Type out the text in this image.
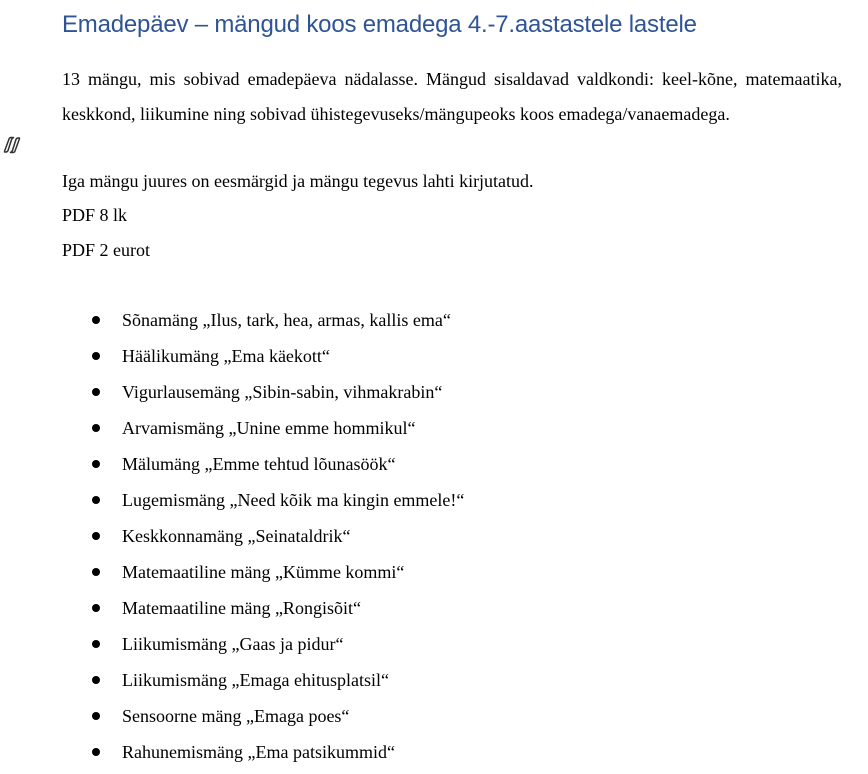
Emadepäev – mängud koos emadega 4.-7.aastastele lastele

13 mängu, mis sobivad emadepäeva nädalasse. Mängud sisaldavad valdkondi: keel-kõne, matemaatika, keskkond, liikumine ning sobivad ühistegevuseks/mängupeoks koos emadega/vanaemadega.

Iga mängu juures on eesmärgid ja mängu tegevus lahti kirjutatud.

PDF 8 lk

PDF 2 eurot

Sõnamäng „Ilus, tark, hea, armas, kallis ema“
Häälikumäng „Ema käekott“
Vigurlausemäng „Sibin-sabin, vihmakrabin“
Arvamismäng „Unine emme hommikul“
Mälumäng „Emme tehtud lõunasöök“
Lugemismäng „Need kõik ma kingin emmele!“
Keskkonnamäng „Seinataldrik“
Matemaatiline mäng „Kümme kommi“
Matemaatiline mäng „Rongisõit“
Liikumismäng „Gaas ja pidur“
Liikumismäng „Emaga ehitusplatsil“
Sensoorne mäng „Emaga poes“
Rahunemismäng „Ema patsikummid“
